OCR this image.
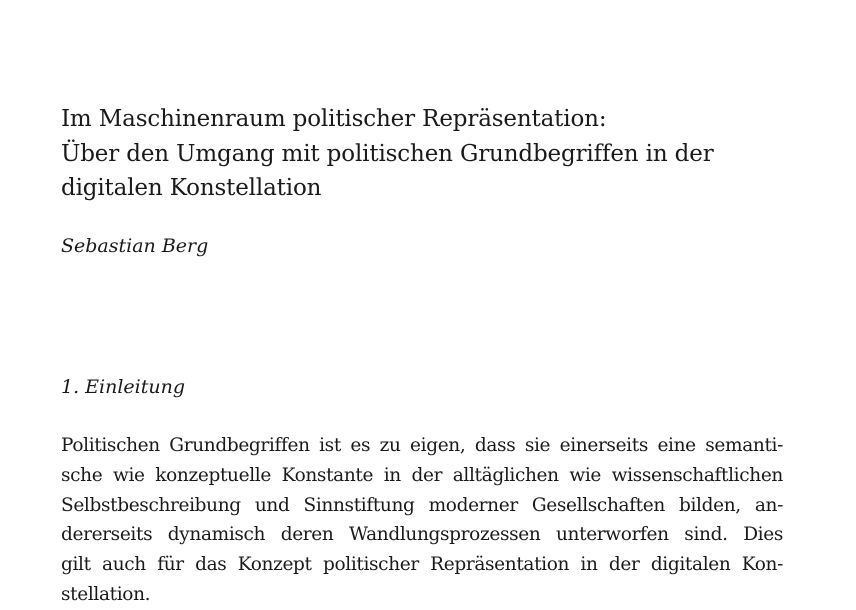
Im Maschinenraum politischer Repräsentation:
Über den Umgang mit politischen Grundbegriffen in der
digitalen Konstellation

Sebastian Berg

1. Einleitung

Politischen Grundbegriffen ist es zu eigen, dass sie einerseits eine semanti-
sche wie konzeptuelle Konstante in der alltäglichen wie wissenschaftlichen
Selbstbeschreibung und Sinnstiftung moderner Gesellschaften bilden, an-
dererseits dynamisch deren Wandlungsprozessen unterworfen sind. Dies
gilt auch für das Konzept politischer Repräsentation in der digitalen Kon-
stellation.
